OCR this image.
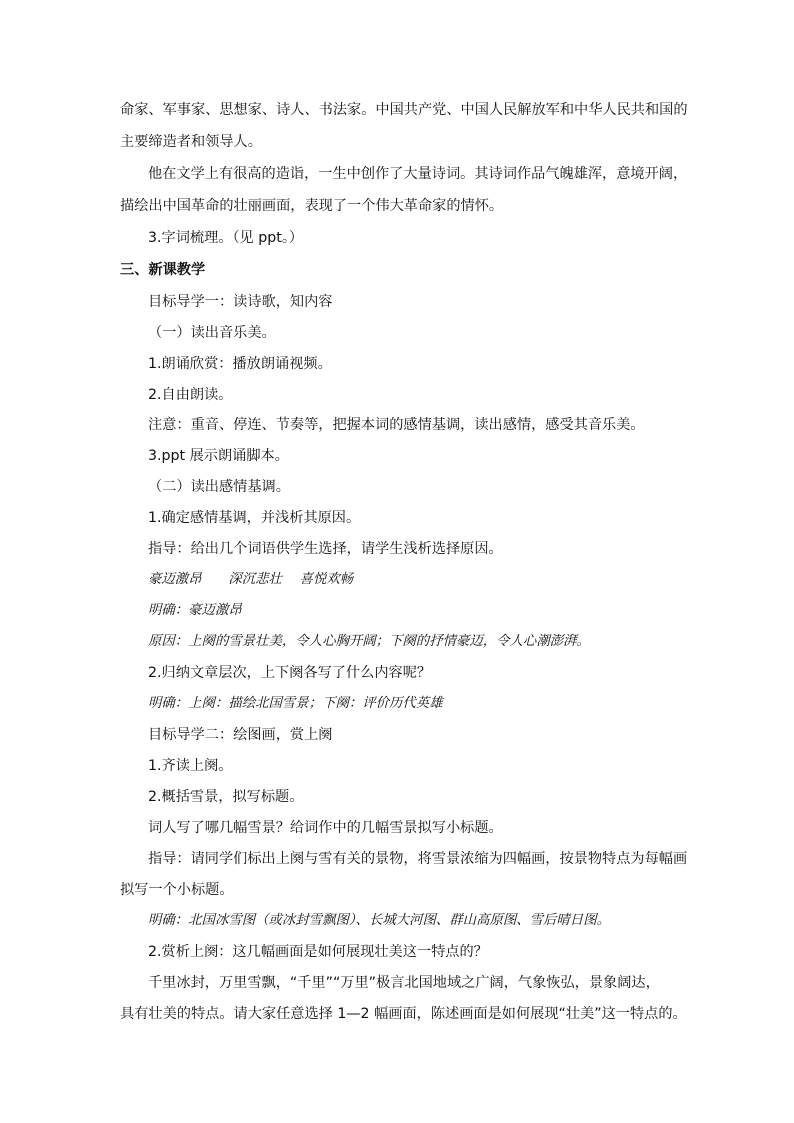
命家、军事家、思想家、诗人、书法家。中国共产党、中国人民解放军和中华人民共和国的
主要缔造者和领导人。
他在文学上有很高的造诣，一生中创作了大量诗词。其诗词作品气魄雄浑，意境开阔，
描绘出中国革命的壮丽画面，表现了一个伟大革命家的情怀。
3.字词梳理。（见 ppt。）
三、新课教学
目标导学一：读诗歌，知内容
（一）读出音乐美。
1.朗诵欣赏：播放朗诵视频。
2.自由朗读。
注意：重音、停连、节奏等，把握本词的感情基调，读出感情，感受其音乐美。
3.ppt 展示朗诵脚本。
（二）读出感情基调。
1.确定感情基调，并浅析其原因。
指导：给出几个词语供学生选择，请学生浅析选择原因。
豪迈激昂　　深沉悲壮　 喜悦欢畅
明确：豪迈激昂
原因：上阕的雪景壮美，令人心胸开阔；下阕的抒情豪迈，令人心潮澎湃。
2.归纳文章层次，上下阕各写了什么内容呢？
明确：上阕：描绘北国雪景；下阕：评价历代英雄
目标导学二：绘图画，赏上阕
1.齐读上阕。
2.概括雪景，拟写标题。
词人写了哪几幅雪景？给词作中的几幅雪景拟写小标题。
指导：请同学们标出上阕与雪有关的景物，将雪景浓缩为四幅画，按景物特点为每幅画
拟写一个小标题。
明确：北国冰雪图（或冰封雪飘图）、长城大河图、群山高原图、雪后晴日图。
2.赏析上阕：这几幅画面是如何展现壮美这一特点的？
千里冰封，万里雪飘，“千里”“万里”极言北国地域之广阔，气象恢弘，景象阔达，
具有壮美的特点。请大家任意选择 1—2 幅画面，陈述画面是如何展现“壮美”这一特点的。
